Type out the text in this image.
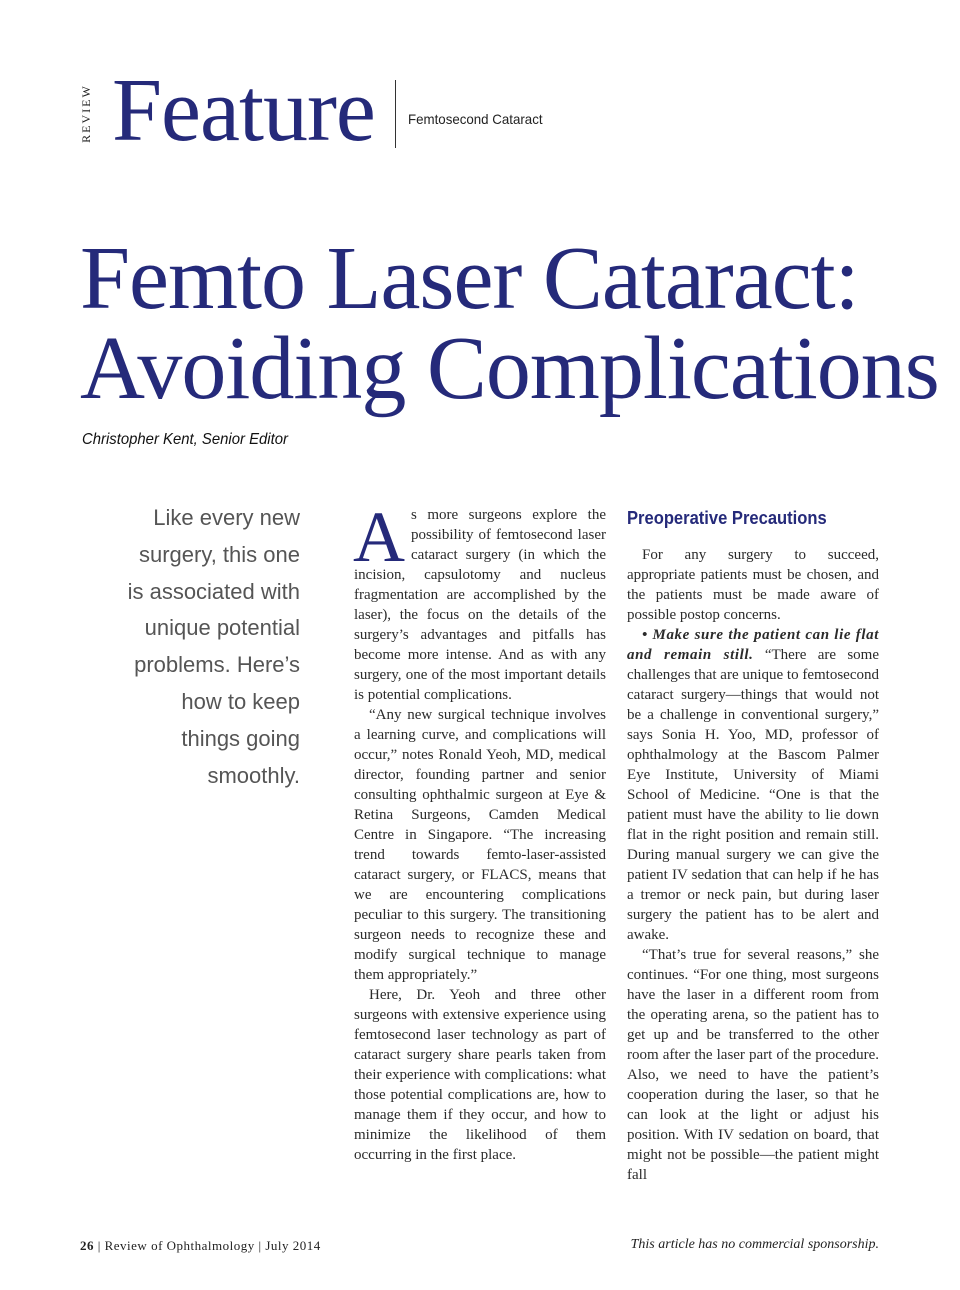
REVIEW Feature Femtosecond Cataract
Femto Laser Cataract:
Avoiding Complications
Christopher Kent, Senior Editor
Like every new
surgery, this one
is associated with
unique potential
problems. Here’s
how to keep
things going
smoothly.

As more surgeons explore the possibility of femtosecond laser cataract surgery (in which the incision, capsulotomy and nucleus fragmentation are accomplished by the laser), the focus on the details of the surgery’s advantages and pitfalls has become more intense. And as with any surgery, one of the most important details is potential complications.

“Any new surgical technique involves a learning curve, and complications will occur,” notes Ronald Yeoh, MD, medical director, founding partner and senior consulting ophthalmic surgeon at Eye & Retina Surgeons, Camden Medical Centre in Singapore. “The increasing trend towards femto-laser-assisted cataract surgery, or FLACS, means that we are encountering complications peculiar to this surgery. The transitioning surgeon needs to recognize these and modify surgical technique to manage them appropriately.”

Here, Dr. Yeoh and three other surgeons with extensive experience using femtosecond laser technology as part of cataract surgery share pearls taken from their experience with complications: what those potential complications are, how to manage them if they occur, and how to minimize the likelihood of them occurring in the first place.

Preoperative Precautions

For any surgery to succeed, appropriate patients must be chosen, and the patients must be made aware of possible postop concerns.

• Make sure the patient can lie flat and remain still. “There are some challenges that are unique to femtosecond cataract surgery—things that would not be a challenge in conventional surgery,” says Sonia H. Yoo, MD, professor of ophthalmology at the Bascom Palmer Eye Institute, University of Miami School of Medicine. “One is that the patient must have the ability to lie down flat in the right position and remain still. During manual surgery we can give the patient IV sedation that can help if he has a tremor or neck pain, but during laser surgery the patient has to be alert and awake.

“That’s true for several reasons,” she continues. “For one thing, most surgeons have the laser in a different room from the operating arena, so the patient has to get up and be transferred to the other room after the laser part of the procedure. Also, we need to have the patient’s cooperation during the laser, so that he can look at the light or adjust his position. With IV sedation on board, that might not be possible—the patient might fall

26 | Review of Ophthalmology | July 2014	This article has no commercial sponsorship.
